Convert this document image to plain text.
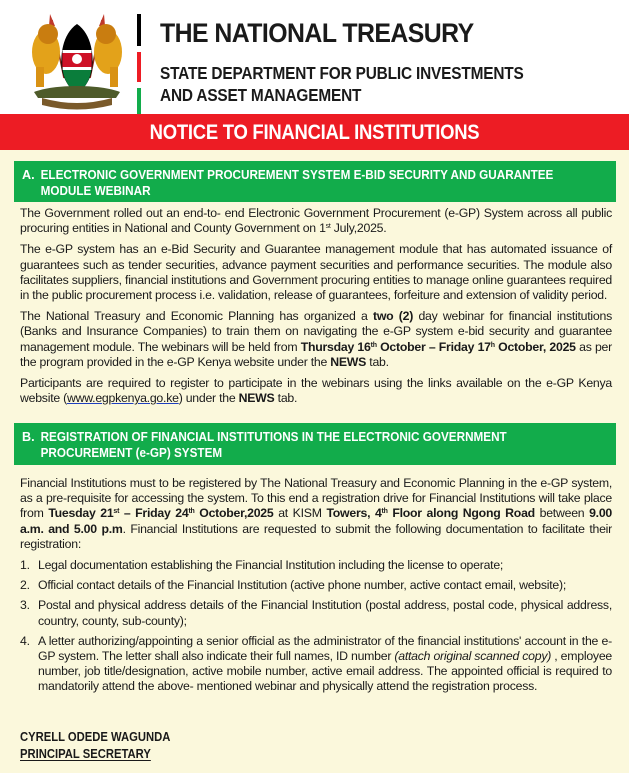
THE NATIONAL TREASURY
STATE DEPARTMENT FOR PUBLIC INVESTMENTS
AND ASSET MANAGEMENT
NOTICE TO FINANCIAL INSTITUTIONS
A. ELECTRONIC GOVERNMENT PROCUREMENT SYSTEM E-BID SECURITY AND GUARANTEE MODULE WEBINAR

The Government rolled out an end-to- end Electronic Government Procurement (e-GP) System across all public procuring entities in National and County Government on 1st July,2025.

The e-GP system has an e-Bid Security and Guarantee management module that has automated issuance of guarantees such as tender securities, advance payment securities and performance securities. The module also facilitates suppliers, financial institutions and Government procuring entities to manage online guarantees required in the public procurement process i.e. validation, release of guarantees, forfeiture and extension of validity period.

The National Treasury and Economic Planning has organized a two (2) day webinar for financial institutions (Banks and Insurance Companies) to train them on navigating the e-GP system e-bid security and guarantee management module. The webinars will be held from Thursday 16th October – Friday 17$^h$ October, 2025 as per the program provided in the e-GP Kenya website under the NEWS tab.

Participants are required to register to participate in the webinars using the links available on the e-GP Kenya website (www.egpkenya.go.ke) under the NEWS tab.

B. REGISTRATION OF FINANCIAL INSTITUTIONS IN THE ELECTRONIC GOVERNMENT PROCUREMENT (e-GP) SYSTEM

Financial Institutions must to be registered by The National Treasury and Economic Planning in the e-GP system, as a pre-requisite for accessing the system. To this end a registration drive for Financial Institutions will take place from Tuesday 21st – Friday 24th October,2025 at KISM Towers, 4th Floor along Ngong Road between 9.00 a.m. and 5.00 p.m. Financial Institutions are requested to submit the following documentation to facilitate their registration:

1. Legal documentation establishing the Financial Institution including the license to operate;
2. Official contact details of the Financial Institution (active phone number, active contact email, website);
3. Postal and physical address details of the Financial Institution (postal address, postal code, physical address, country, county, sub-county);
4. A letter authorizing/appointing a senior official as the administrator of the financial institutions' account in the e-GP system. The letter shall also indicate their full names, ID number (attach original scanned copy) , employee number, job title/designation, active mobile number, active email address. The appointed official is required to mandatorily attend the above- mentioned webinar and physically attend the registration process.
CYRELL ODEDE WAGUNDA
PRINCIPAL SECRETARY
